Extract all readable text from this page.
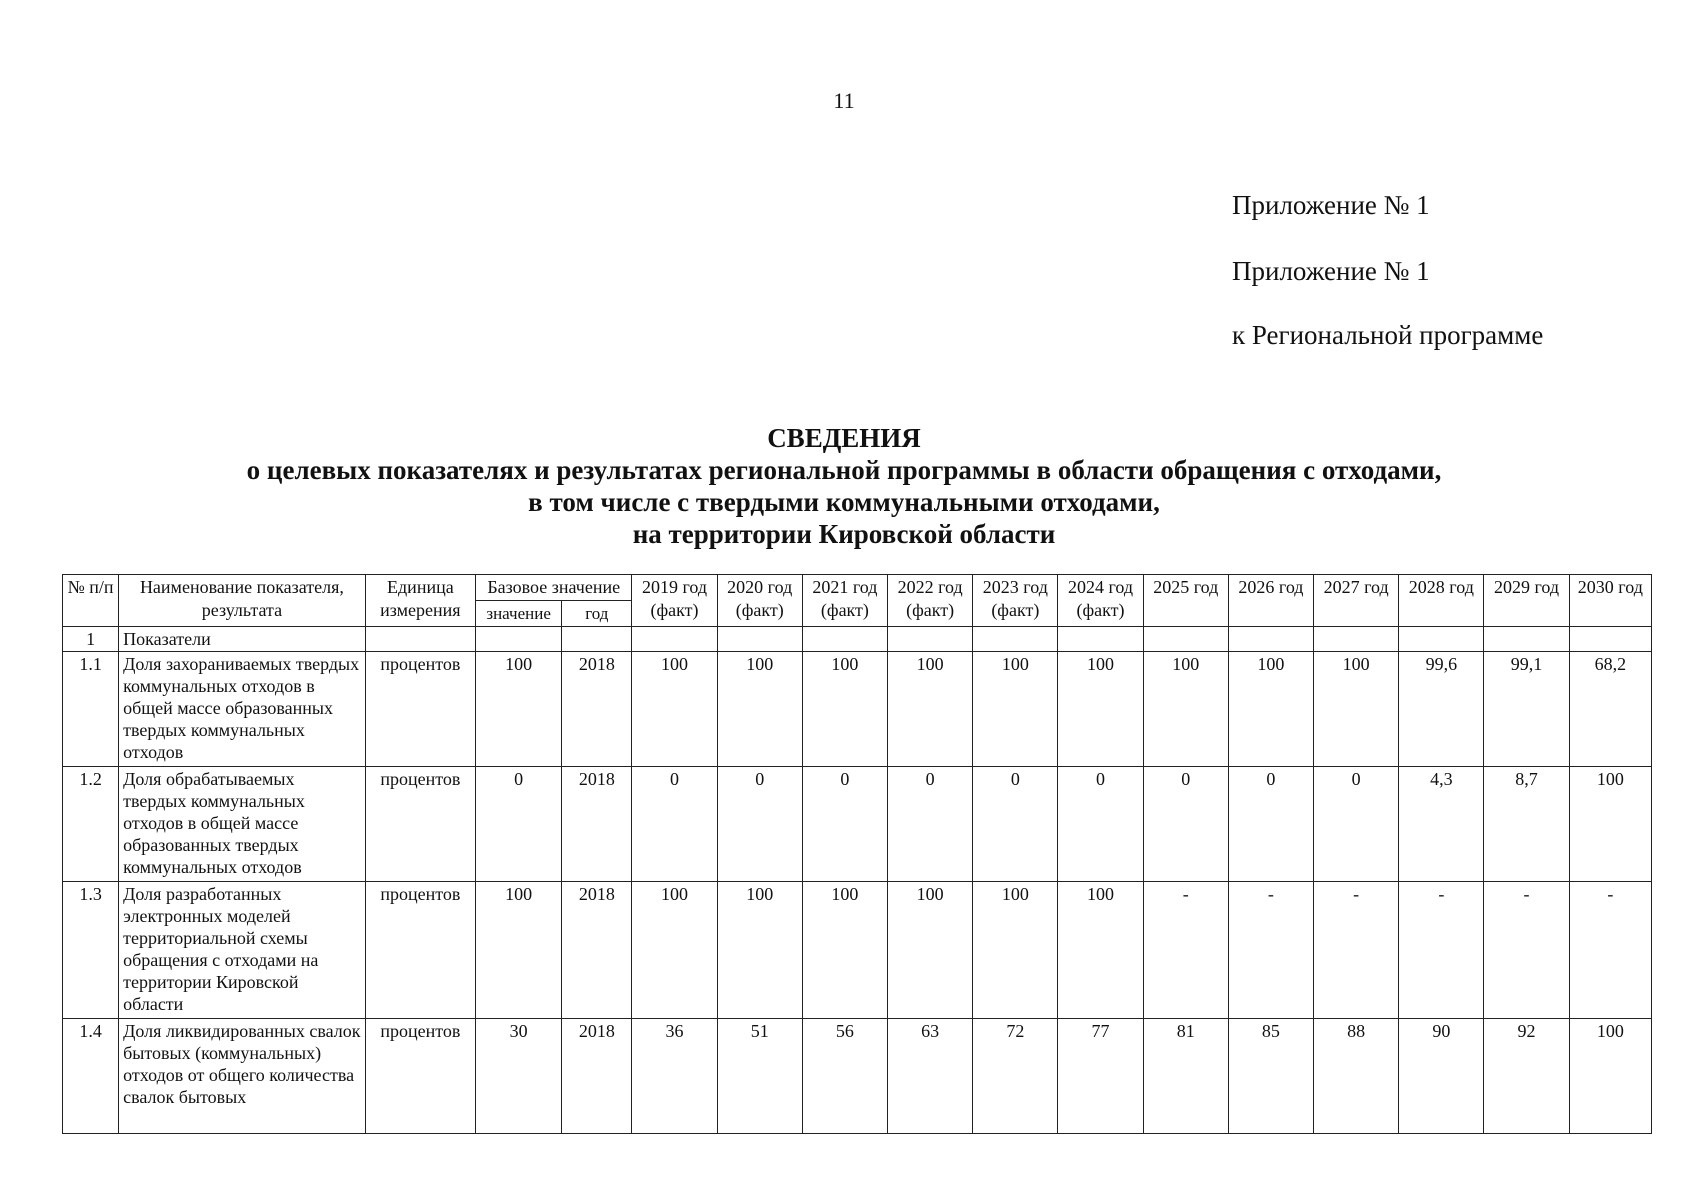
11
Приложение № 1
Приложение № 1
к Региональной программе
СВЕДЕНИЯ
о целевых показателях и результатах региональной программы в области обращения с отходами,
в том числе с твердыми коммунальными отходами,
на территории Кировской области
№ п/п	Наименование показателя, результата	Единица измерения	Базовое значение		2019 год (факт)	2020 год (факт)	2021 год (факт)	2022 год (факт)	2023 год (факт)	2024 год (факт)	2025 год	2026 год	2027 год	2028 год	2029 год	2030 год
			значение	год												
1	Показатели															
1.1	Доля захораниваемых твердых коммунальных отходов в общей массе образованных твердых коммунальных отходов	процентов	100	2018	100	100	100	100	100	100	100	100	100	99,6	99,1	68,2
1.2	Доля обрабатываемых твердых коммунальных отходов в общей массе образованных твердых коммунальных отходов	процентов	0	2018	0	0	0	0	0	0	0	0	0	4,3	8,7	100
1.3	Доля разработанных электронных моделей территориальной схемы обращения с отходами на территории Кировской области	процентов	100	2018	100	100	100	100	100	100	-	-	-	-	-	-
1.4	Доля ликвидированных свалок бытовых (коммунальных) отходов от общего количества свалок бытовых	процентов	30	2018	36	51	56	63	72	77	81	85	88	90	92	100
